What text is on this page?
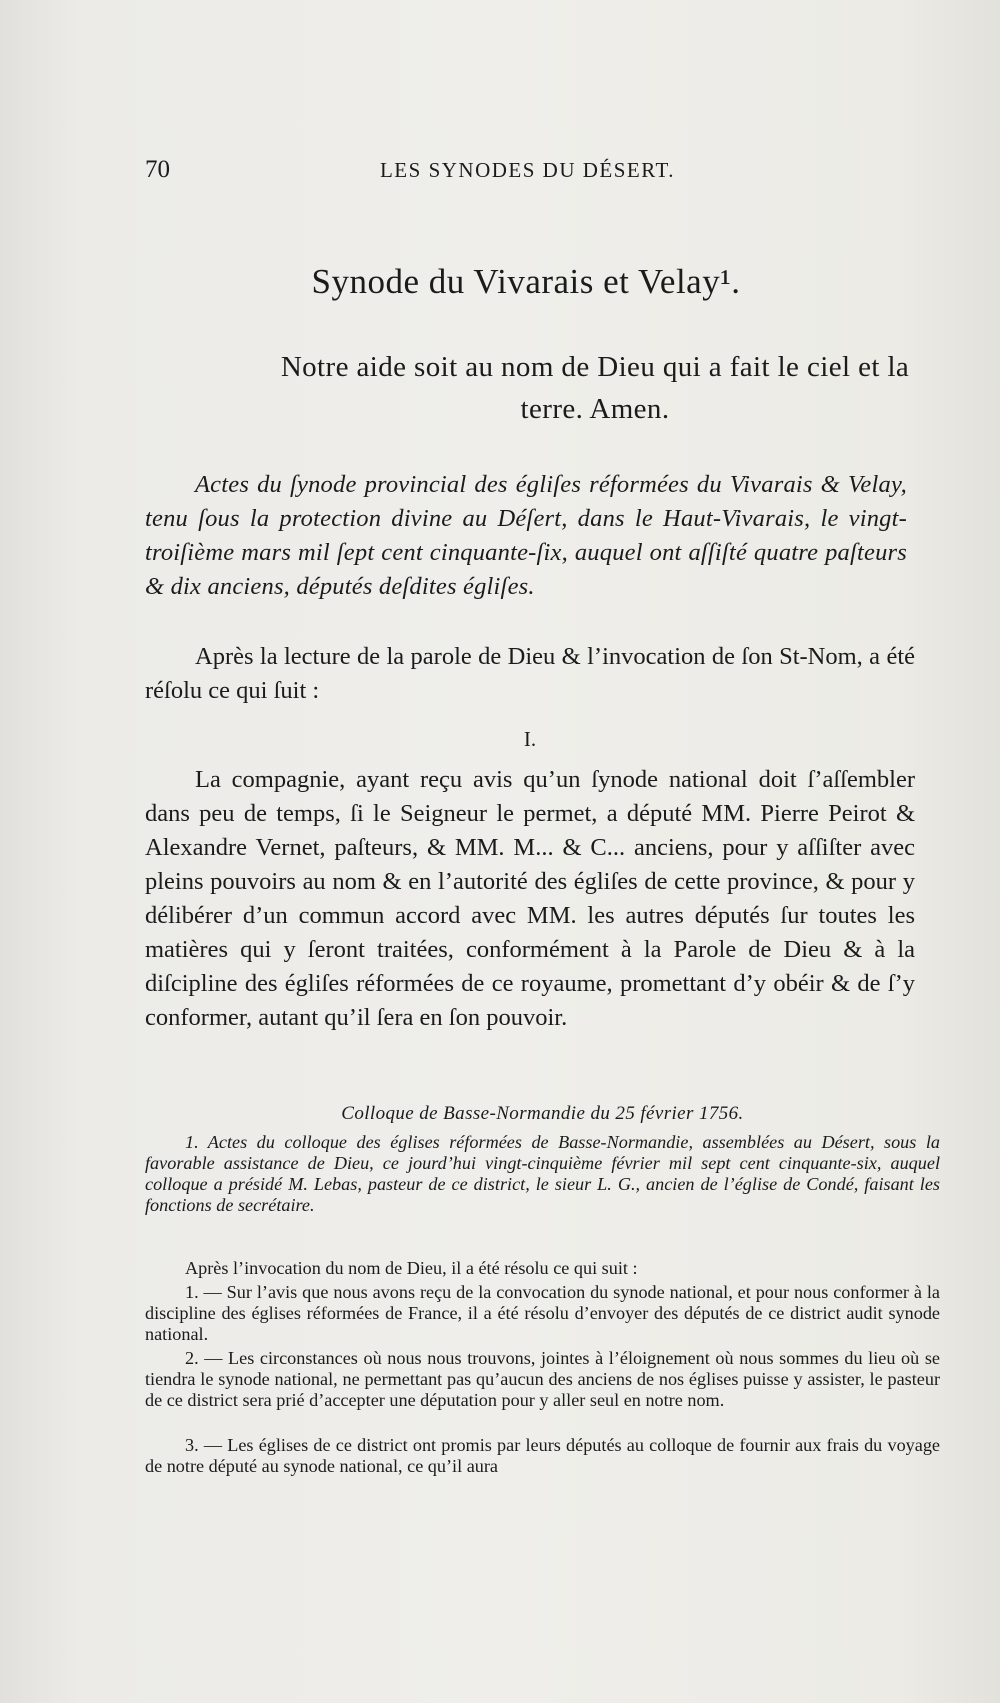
70	LES SYNODES DU DÉSERT.
Synode du Vivarais et Velay¹.
Notre aide soit au nom de Dieu qui a fait le ciel et la terre. Amen.
Actes du ſynode provincial des égliſes réformées du Vivarais & Velay, tenu ſous la protection divine au Déſert, dans le Haut-Vivarais, le vingt-troiſième mars mil ſept cent cinquante-ſix, auquel ont aſſiſté quatre paſteurs & dix anciens, députés deſdites égliſes.
Après la lecture de la parole de Dieu & l’invocation de ſon St-Nom, a été réſolu ce qui ſuit :
I.
La compagnie, ayant reçu avis qu’un ſynode national doit ſ’aſſembler dans peu de temps, ſi le Seigneur le permet, a député MM. Pierre Peirot & Alexandre Vernet, paſteurs, & MM. M... & C... anciens, pour y aſſiſter avec pleins pouvoirs au nom & en l’autorité des égliſes de cette province, & pour y délibérer d’un commun accord avec MM. les autres députés ſur toutes les matières qui y ſeront traitées, conformément à la Parole de Dieu & à la diſcipline des égliſes réformées de ce royaume, promettant d’y obéir & de ſ’y conformer, autant qu’il ſera en ſon pouvoir.
Colloque de Basse-Normandie du 25 février 1756.
1. Actes du colloque des églises réformées de Basse-Normandie, assemblées au Désert, sous la favorable assistance de Dieu, ce jourd’hui vingt-cinquième février mil sept cent cinquante-six, auquel colloque a présidé M. Lebas, pasteur de ce district, le sieur L. G., ancien de l’église de Condé, faisant les fonctions de secrétaire.
Après l’invocation du nom de Dieu, il a été résolu ce qui suit :
1. — Sur l’avis que nous avons reçu de la convocation du synode national, et pour nous conformer à la discipline des églises réformées de France, il a été résolu d’envoyer des députés de ce district audit synode national.
2. — Les circonstances où nous nous trouvons, jointes à l’éloignement où nous sommes du lieu où se tiendra le synode national, ne permettant pas qu’aucun des anciens de nos églises puisse y assister, le pasteur de ce district sera prié d’accepter une députation pour y aller seul en notre nom.
3. — Les églises de ce district ont promis par leurs députés au colloque de fournir aux frais du voyage de notre député au synode national, ce qu’il aura
